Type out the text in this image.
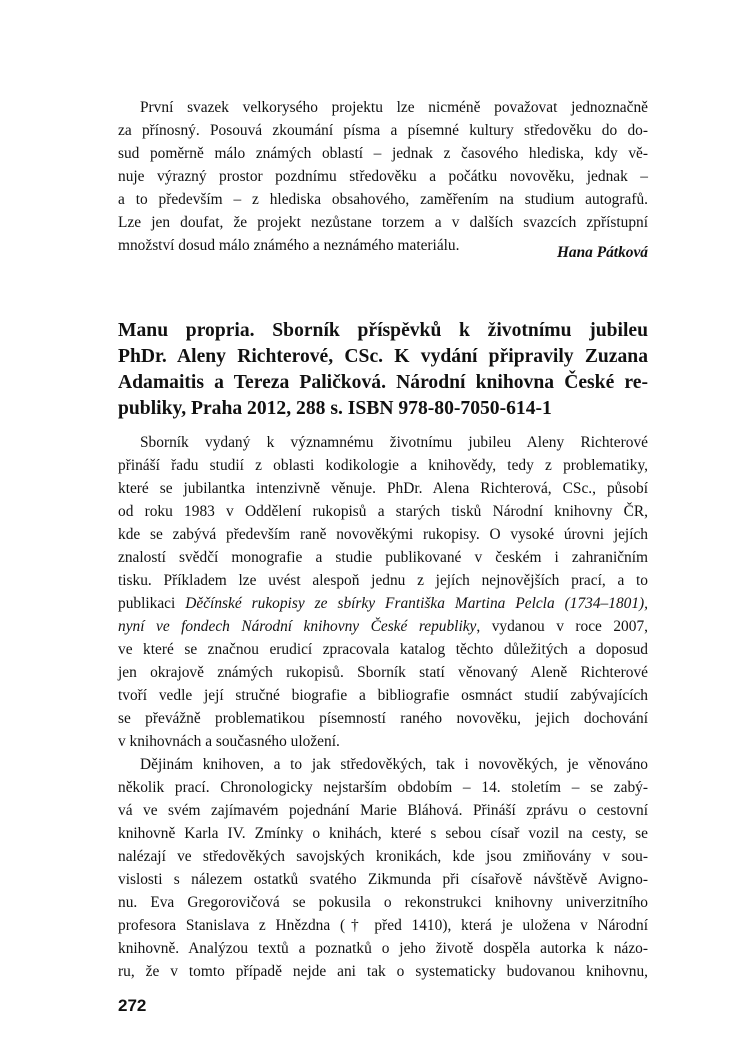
První svazek velkorysého projektu lze nicméně považovat jednoznačně
za přínosný. Posouvá zkoumání písma a písemné kultury středověku do do-
sud poměrně málo známých oblastí – jednak z časového hlediska, kdy vě-
nuje výrazný prostor pozdnímu středověku a počátku novověku, jednak –
a to především – z hlediska obsahového, zaměřením na studium autografů.
Lze jen doufat, že projekt nezůstane torzem a v dalších svazcích zpřístupní
množství dosud málo známého a neznámého materiálu.	Hana Pátková
Manu propria. Sborník příspěvků k životnímu jubileu
PhDr. Aleny Richterové, CSc. K vydání připravily Zuzana
Adamaitis a Tereza Paličková. Národní knihovna České re-
publiky, Praha 2012, 288 s. ISBN 978-80-7050-614-1
Sborník vydaný k významnému životnímu jubileu Aleny Richterové
přináší řadu studií z oblasti kodikologie a knihovědy, tedy z problematiky,
které se jubilantka intenzivně věnuje. PhDr. Alena Richterová, CSc., působí
od roku 1983 v Oddělení rukopisů a starých tisků Národní knihovny ČR,
kde se zabývá především raně novověkými rukopisy. O vysoké úrovni jejích
znalostí svědčí monografie a studie publikované v českém i zahraničním
tisku. Příkladem lze uvést alespoň jednu z jejích nejnovějších prací, a to
publikaci Děčínské rukopisy ze sbírky Františka Martina Pelcla (1734–1801),
nyní ve fondech Národní knihovny České republiky, vydanou v roce 2007,
ve které se značnou erudicí zpracovala katalog těchto důležitých a doposud
jen okrajově známých rukopisů. Sborník statí věnovaný Aleně Richterové
tvoří vedle její stručné biografie a bibliografie osmnáct studií zabývajících
se převážně problematikou písemností raného novověku, jejich dochování
v knihovnách a současného uložení.
Dějinám knihoven, a to jak středověkých, tak i novověkých, je věnováno
několik prací. Chronologicky nejstarším obdobím – 14. stoletím – se zabý-
vá ve svém zajímavém pojednání Marie Bláhová. Přináší zprávu o cestovní
knihovně Karla IV. Zmínky o knihách, které s sebou císař vozil na cesty, se
nalézají ve středověkých savojských kronikách, kde jsou zmiňovány v sou-
vislosti s nálezem ostatků svatého Zikmunda při císařově návštěvě Avigno-
nu. Eva Gregorovičová se pokusila o rekonstrukci knihovny univerzitního
profesora Stanislava z Hnězdna († před 1410), která je uložena v Národní
knihovně. Analýzou textů a poznatků o jeho životě dospěla autorka k názo-
ru, že v tomto případě nejde ani tak o systematicky budovanou knihovnu,
272
